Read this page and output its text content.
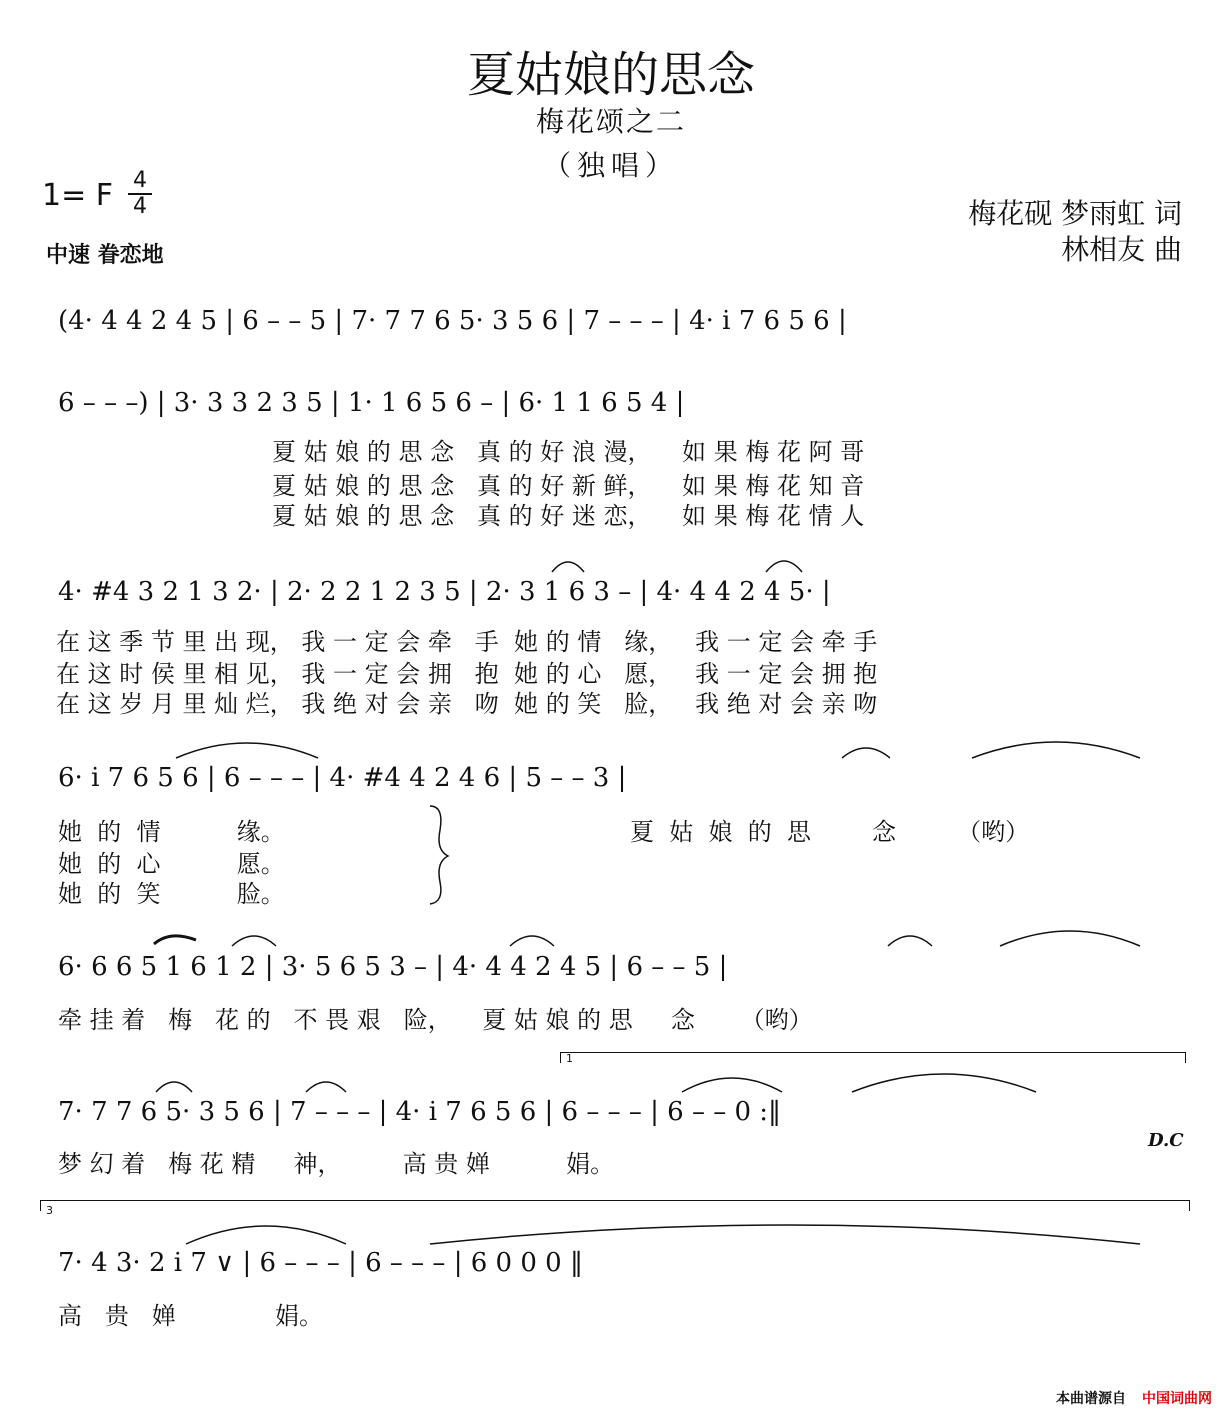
夏姑娘的思念
梅花颂之二
（独唱）
1= F 4
4
中速 眷恋地
梅花砚 梦雨虹 词
林相友 曲
(4· 4 4 2 4 5 | 6 – – 5 | 7· 7 7 6 5· 3 5 6 | 7 – – – | 4· i 7 6 5 6 |
6 – – –) | 3· 3 3 2 3 5 | 1· 1 6 5 6 – | 6· 1 1 6 5 4 |
4· #4 3 2 1 3 2· | 2· 2 2 1 2 3 5 | 2· 3 1 6 3 – | 4· 4 4 2 4 5· |
6· i 7 6 5 6 | 6 – – – | 4· #4 4 2 4 6 | 5 – – 3 |
6· 6 6 5 1 6 1 2 | 3· 5 6 5 3 – | 4· 4 4 2 4 5 | 6 – – 5 |
7· 7 7 6 5· 3 5 6 | 7 – – – | 4· i 7 6 5 6 | 6 – – – | 6 – – 0 :‖
7· 4 3· 2 i 7 ∨ | 6 – – – | 6 – – – | 6 0 0 0 ‖
1
3
D.C
夏 姑 娘 的 思 念   真 的 好 浪 漫，    如 果 梅 花 阿 哥
夏 姑 娘 的 思 念   真 的 好 新 鲜，    如 果 梅 花 知 音
夏 姑 娘 的 思 念   真 的 好 迷 恋，    如 果 梅 花 情 人
在 这 季 节 里 出 现， 我 一 定 会 牵   手  她 的 情   缘，   我 一 定 会 牵 手
在 这 时 侯 里 相 见， 我 一 定 会 拥   抱  她 的 心   愿，   我 一 定 会 拥 抱
在 这 岁 月 里 灿 烂， 我 绝 对 会 亲   吻  她 的 笑   脸，   我 绝 对 会 亲 吻
她  的  情          缘。
她  的  心          愿。
她  的  笑          脸。
夏  姑  娘  的  思        念        （哟）
牵 挂 着   梅   花 的   不 畏 艰   险，    夏 姑 娘 的 思     念      （哟）
梦 幻 着   梅 花 精     神，        高 贵 婵          娟。
高   贵   婵             娟。
本曲谱源自 中国词曲网
